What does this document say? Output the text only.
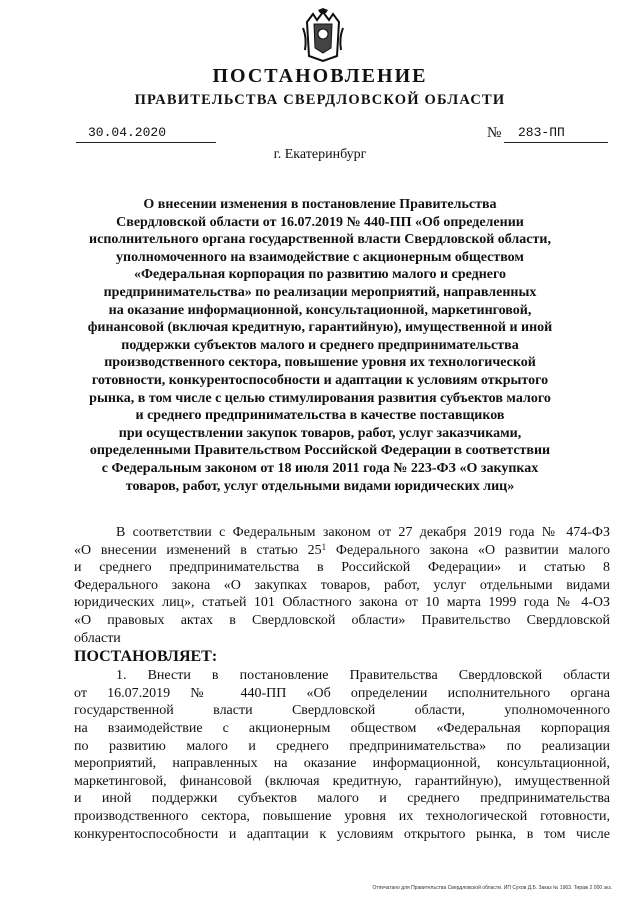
ПОСТАНОВЛЕНИЕ
ПРАВИТЕЛЬСТВА СВЕРДЛОВСКОЙ ОБЛАСТИ
30.04.2020	№	283-ПП
г. Екатеринбург

О внесении изменения в постановление Правительства
Свердловской области от 16.07.2019 № 440-ПП «Об определении
исполнительного органа государственной власти Свердловской области,
уполномоченного на взаимодействие с акционерным обществом
«Федеральная корпорация по развитию малого и среднего
предпринимательства» по реализации мероприятий, направленных
на оказание информационной, консультационной, маркетинговой,
финансовой (включая кредитную, гарантийную), имущественной и иной
поддержки субъектов малого и среднего предпринимательства
производственного сектора, повышение уровня их технологической
готовности, конкурентоспособности и адаптации к условиям открытого
рынка, в том числе с целью стимулирования развития субъектов малого
и среднего предпринимательства в качестве поставщиков
при осуществлении закупок товаров, работ, услуг заказчиками,
определенными Правительством Российской Федерации в соответствии
с Федеральным законом от 18 июля 2011 года № 223-ФЗ «О закупках
товаров, работ, услуг отдельными видами юридических лиц»

В соответствии с Федеральным законом от 27 декабря 2019 года № 474-ФЗ
«О внесении изменений в статью $25^1$ Федерального закона «О развитии малого
и среднего предпринимательства в Российской Федерации» и статью 8
Федерального закона «О закупках товаров, работ, услуг отдельными видами
юридических лиц», статьей 101 Областного закона от 10 марта 1999 года № 4-ОЗ
«О правовых актах в Свердловской области» Правительство Свердловской
области
ПОСТАНОВЛЯЕТ:
1. Внести в постановление Правительства Свердловской области
от 16.07.2019 № 440-ПП «Об определении исполнительного органа
государственной власти Свердловской области, уполномоченного
на взаимодействие с акционерным обществом «Федеральная корпорация
по развитию малого и среднего предпринимательства» по реализации
мероприятий, направленных на оказание информационной, консультационной,
маркетинговой, финансовой (включая кредитную, гарантийную), имущественной
и иной поддержки субъектов малого и среднего предпринимательства
производственного сектора, повышение уровня их технологической готовности,
конкурентоспособности и адаптации к условиям открытого рынка, в том числе
Отпечатано для Правительства Свердловской области. ИП Сухов Д.Б. Заказ № 1963. Тираж 2 000 экз.
